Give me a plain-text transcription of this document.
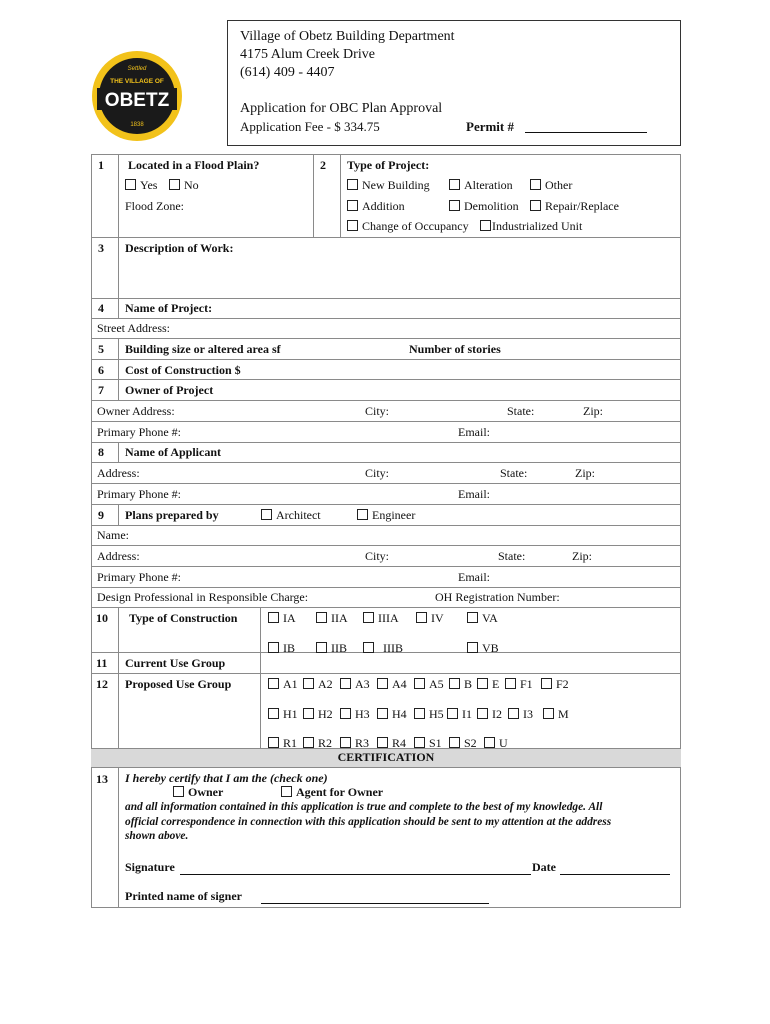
Settled
THE VILLAGE OF
OBETZ
1838
Village of Obetz Building Department
4175 Alum Creek Drive
(614) 409 - 4407
Application for OBC Plan Approval
Application Fee - $ 334.75	Permit #
CERTIFICATION
1 Located in a Flood Plain?
Yes	No
Flood Zone:
2 Type of Project:
New Building	Alteration	Other
Addition	Demolition	Repair/Replace
Change of Occupancy	Industrialized Unit
3 Description of Work:
4 Name of Project:
Street Address:
5 Building size or altered area sf	Number of stories
6 Cost of Construction $
7 Owner of Project
Owner Address:	City:	State:	Zip:
Primary Phone #:	Email:
8 Name of Applicant
Address:	City:	State:	Zip:
Primary Phone #:	Email:
9 Plans prepared by	Architect	Engineer
Name:
Address:	City:	State:	Zip:
Primary Phone #:	Email:
Design Professional in Responsible Charge:	OH Registration Number:
10 Type of Construction	IA	IIA	IIIA	IV	VA
IB	IIB	IIIB	VB
11 Current Use Group
12 Proposed Use Group	A1	A2	A3	A4	A5	B	E	F1	F2
H1	H2	H3	H4	H5	I1	I2	I3	M
R1	R2	R3	R4	S1	S2	U
13 I hereby certify that I am the (check one)
Owner	Agent for Owner
and all information contained in this application is true and complete to the best of my knowledge. All
official correspondence in connection with this application should be sent to my attention at the address
shown above.
Signature	Date
Printed name of signer
